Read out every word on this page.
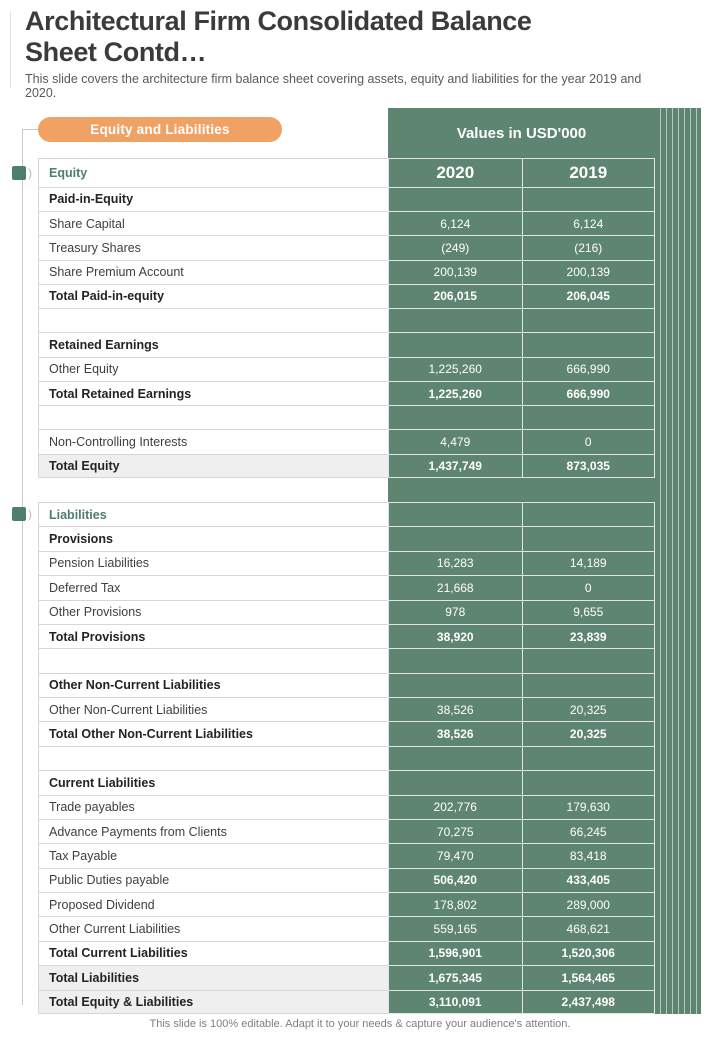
Architectural Firm Consolidated Balance Sheet Contd…

This slide covers the architecture firm balance sheet covering assets, equity and liabilities for the year 2019 and 2020.

Values in USD'000
Equity and Liabilities
)
)
Equity	2020	2019
Paid-in-Equity
Share Capital	6,124	6,124
Treasury Shares	(249)	(216)
Share Premium Account	200,139	200,139
Total Paid-in-equity	206,015	206,045
Retained Earnings
Other Equity	1,225,260	666,990
Total Retained Earnings	1,225,260	666,990
Non-Controlling Interests	4,479	0
Total Equity	1,437,749	873,035
Liabilities
Provisions
Pension Liabilities	16,283	14,189
Deferred Tax	21,668	0
Other Provisions	978	9,655
Total Provisions	38,920	23,839
Other Non-Current Liabilities
Other Non-Current Liabilities	38,526	20,325
Total Other Non-Current Liabilities	38,526	20,325
Current Liabilities
Trade payables	202,776	179,630
Advance Payments from Clients	70,275	66,245
Tax Payable	79,470	83,418
Public Duties payable	506,420	433,405
Proposed Dividend	178,802	289,000
Other Current Liabilities	559,165	468,621
Total Current Liabilities	1,596,901	1,520,306
Total Liabilities	1,675,345	1,564,465
Total Equity & Liabilities	3,110,091	2,437,498
This slide is 100% editable. Adapt it to your needs & capture your audience's attention.
